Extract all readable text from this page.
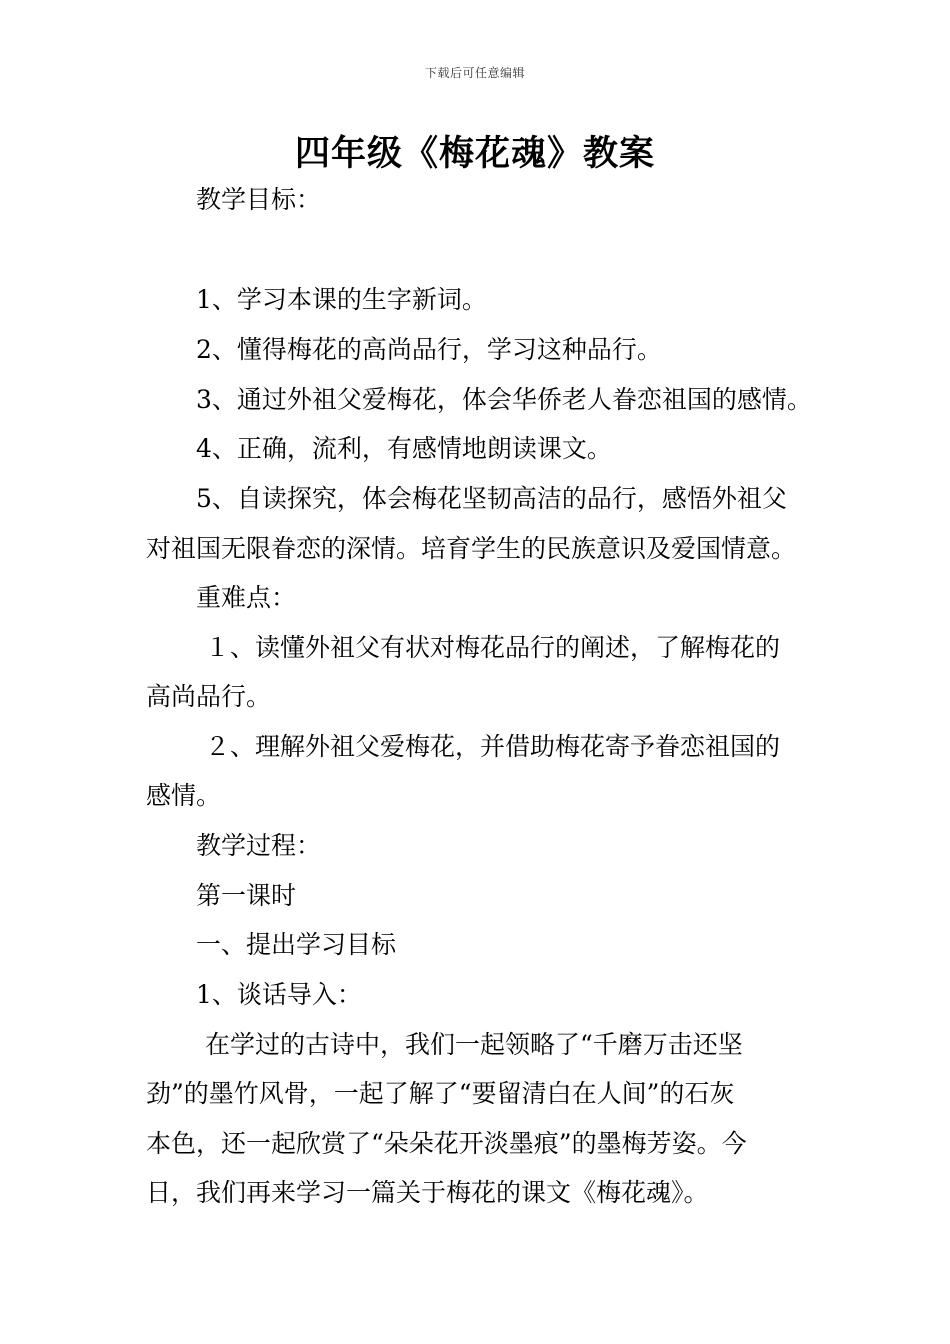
下载后可任意编辑
四年级《梅花魂》教案
教学目标：
1、学习本课的生字新词。
2、懂得梅花的高尚品行，学习这种品行。
3、通过外祖父爱梅花，体会华侨老人眷恋祖国的感情。
4、正确，流利，有感情地朗读课文。
5、自读探究，体会梅花坚韧高洁的品行，感悟外祖父
对祖国无限眷恋的深情。培育学生的民族意识及爱国情意。
重难点：
１、读懂外祖父有状对梅花品行的阐述，了解梅花的
高尚品行。
２、理解外祖父爱梅花，并借助梅花寄予眷恋祖国的
感情。
教学过程：
第一课时
一、提出学习目标
1、谈话导入：
在学过的古诗中，我们一起领略了“千磨万击还坚
劲”的墨竹风骨，一起了解了“要留清白在人间”的石灰
本色，还一起欣赏了“朵朵花开淡墨痕”的墨梅芳姿。今
日，我们再来学习一篇关于梅花的课文《梅花魂》。
